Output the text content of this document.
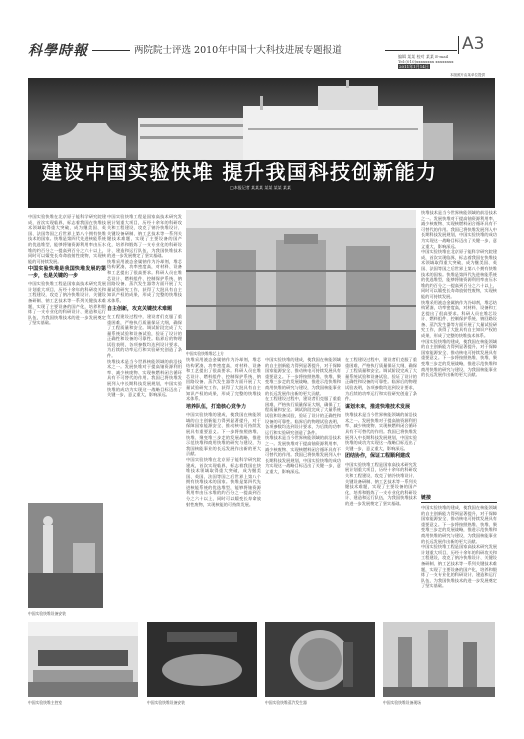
科學時報	两院院士评选 2010年中国十大科技进展专题报道	A3
编辑 某某 校对 某某 E-mail
Tel:(010)xxxxxxxx xxxxxxxx
2011年1月14日
本版照片由某单位提供
建设中国实验快堆 提升我国科技创新能力
□本报记者 某某某 某某 某某 某某
中国实验快堆在北京原子能科学研究院建成，首次实现临界，标志着我国在快堆技术领域取得重大突破，成为继美国、英国、法国等国之后世界上第八个拥有快堆技术的国家。快堆是第四代先进核能系统的优选堆型，能够将铀资源利用率由压水堆的约百分之一提高到百分之六十以上，同时可以嬗变长寿命放射性废物，实现核能的可持续发展。
中国实验快堆是我国快堆发展的第一步，也是关键的一步
中国实验快堆工程是国家高技术研究发展计划重大项目，历经十余年的科研攻关和工程建设，攻克了钠冷快堆设计、关键设备研制、钠工艺技术等一系列关键技术难题，实现了主要设备的国产化，培养和锻炼了一支专业化的科研设计、建造和运行队伍，为我国快堆技术的进一步发展奠定了坚实基础。
中国实验快堆设备安装
中国实验快堆工程是国家高技术研究发展计划重大项目，历经十余年的科研攻关和工程建设，攻克了钠冷快堆设计、关键设备研制、钠工艺技术等一系列关键技术难题，实现了主要设备的国产化，培养和锻炼了一支专业化的科研设计、建造和运行队伍，为我国快堆技术的进一步发展奠定了坚实基础。
快堆采用液态金属钠作为冷却剂，堆芯结构紧凑，功率密度高，对材料、设备和工艺提出了很高要求。科研人员在堆芯设计、燃料组件、控制保护系统、钠回路设备、蒸汽发生器等方面开展了大量试验研究工作，获得了大批具有自主知识产权的成果，形成了完整的快堆技术体系。
自主创新，攻克关键技术难题
在工程建设过程中，建设者们克服了重重困难，严格执行质量保证大纲，确保了工程质量和安全。调试阶段完成了大量系统试验和设备试验，验证了设计的正确性和设备的可靠性。临界后的物理试验表明，各项参数均达到设计要求，为后续的功率运行和实验研究创造了条件。
快堆技术是当今世界核能领域的前沿技术之一。发展快堆对于提高铀资源利用率、减少核废物、实现核燃料闭合循环具有不可替代的作用。我国已将快堆发展列入中长期科技发展规划，中国实验快堆的成功为实现这一战略目标迈出了关键一步，意义重大，影响深远。
中国实验快堆堆芯上方
快堆采用液态金属钠作为冷却剂，堆芯结构紧凑，功率密度高，对材料、设备和工艺提出了很高要求。科研人员在堆芯设计、燃料组件、控制保护系统、钠回路设备、蒸汽发生器等方面开展了大量试验研究工作，获得了大批具有自主知识产权的成果，形成了完整的快堆技术体系。
培养队伍，打造核心竞争力
中国实验快堆的建成，使我国在核能领域的自主创新能力得到显著提升，对于保障国家能源安全、推动核电可持续发展具有重要意义。下一步将按照热堆、快堆、聚变堆三步走的发展战略，推进示范快堆和商用快堆的研究与建设，为我国核能事业的长远发展作出新的更大贡献。
中国实验快堆在北京原子能科学研究院建成，首次实现临界，标志着我国在快堆技术领域取得重大突破，成为继美国、英国、法国等国之后世界上第八个拥有快堆技术的国家。快堆是第四代先进核能系统的优选堆型，能够将铀资源利用率由压水堆的约百分之一提高到百分之六十以上，同时可以嬗变长寿命放射性废物，实现核能的可持续发展。
中国实验快堆的建成，使我国在核能领域的自主创新能力得到显著提升，对于保障国家能源安全、推动核电可持续发展具有重要意义。下一步将按照热堆、快堆、聚变堆三步走的发展战略，推进示范快堆和商用快堆的研究与建设，为我国核能事业的长远发展作出新的更大贡献。
在工程建设过程中，建设者们克服了重重困难，严格执行质量保证大纲，确保了工程质量和安全。调试阶段完成了大量系统试验和设备试验，验证了设计的正确性和设备的可靠性。临界后的物理试验表明，各项参数均达到设计要求，为后续的功率运行和实验研究创造了条件。
快堆技术是当今世界核能领域的前沿技术之一。发展快堆对于提高铀资源利用率、减少核废物、实现核燃料闭合循环具有不可替代的作用。我国已将快堆发展列入中长期科技发展规划，中国实验快堆的成功为实现这一战略目标迈出了关键一步，意义重大，影响深远。
在工程建设过程中，建设者们克服了重重困难，严格执行质量保证大纲，确保了工程质量和安全。调试阶段完成了大量系统试验和设备试验，验证了设计的正确性和设备的可靠性。临界后的物理试验表明，各项参数均达到设计要求，为后续的功率运行和实验研究创造了条件。
谋划未来，推进快堆技术发展
快堆技术是当今世界核能领域的前沿技术之一。发展快堆对于提高铀资源利用率、减少核废物、实现核燃料闭合循环具有不可替代的作用。我国已将快堆发展列入中长期科技发展规划，中国实验快堆的成功为实现这一战略目标迈出了关键一步，意义重大，影响深远。
团结协作，保证工程顺利建成
中国实验快堆工程是国家高技术研究发展计划重大项目，历经十余年的科研攻关和工程建设，攻克了钠冷快堆设计、关键设备研制、钠工艺技术等一系列关键技术难题，实现了主要设备的国产化，培养和锻炼了一支专业化的科研设计、建造和运行队伍，为我国快堆技术的进一步发展奠定了坚实基础。
快堆技术是当今世界核能领域的前沿技术之一。发展快堆对于提高铀资源利用率、减少核废物、实现核燃料闭合循环具有不可替代的作用。我国已将快堆发展列入中长期科技发展规划，中国实验快堆的成功为实现这一战略目标迈出了关键一步，意义重大，影响深远。
中国实验快堆在北京原子能科学研究院建成，首次实现临界，标志着我国在快堆技术领域取得重大突破，成为继美国、英国、法国等国之后世界上第八个拥有快堆技术的国家。快堆是第四代先进核能系统的优选堆型，能够将铀资源利用率由压水堆的约百分之一提高到百分之六十以上，同时可以嬗变长寿命放射性废物，实现核能的可持续发展。
快堆采用液态金属钠作为冷却剂，堆芯结构紧凑，功率密度高，对材料、设备和工艺提出了很高要求。科研人员在堆芯设计、燃料组件、控制保护系统、钠回路设备、蒸汽发生器等方面开展了大量试验研究工作，获得了大批具有自主知识产权的成果，形成了完整的快堆技术体系。
中国实验快堆的建成，使我国在核能领域的自主创新能力得到显著提升，对于保障国家能源安全、推动核电可持续发展具有重要意义。下一步将按照热堆、快堆、聚变堆三步走的发展战略，推进示范快堆和商用快堆的研究与建设，为我国核能事业的长远发展作出新的更大贡献。
链接
中国实验快堆的建成，使我国在核能领域的自主创新能力得到显著提升，对于保障国家能源安全、推动核电可持续发展具有重要意义。下一步将按照热堆、快堆、聚变堆三步走的发展战略，推进示范快堆和商用快堆的研究与建设，为我国核能事业的长远发展作出新的更大贡献。
中国实验快堆工程是国家高技术研究发展计划重大项目，历经十余年的科研攻关和工程建设，攻克了钠冷快堆设计、关键设备研制、钠工艺技术等一系列关键技术难题，实现了主要设备的国产化，培养和锻炼了一支专业化的科研设计、建造和运行队伍，为我国快堆技术的进一步发展奠定了坚实基础。
中国实验快堆主控室	中国实验快堆设备安装	中国实验快堆蒸汽发生器	中国实验快堆设备现场
